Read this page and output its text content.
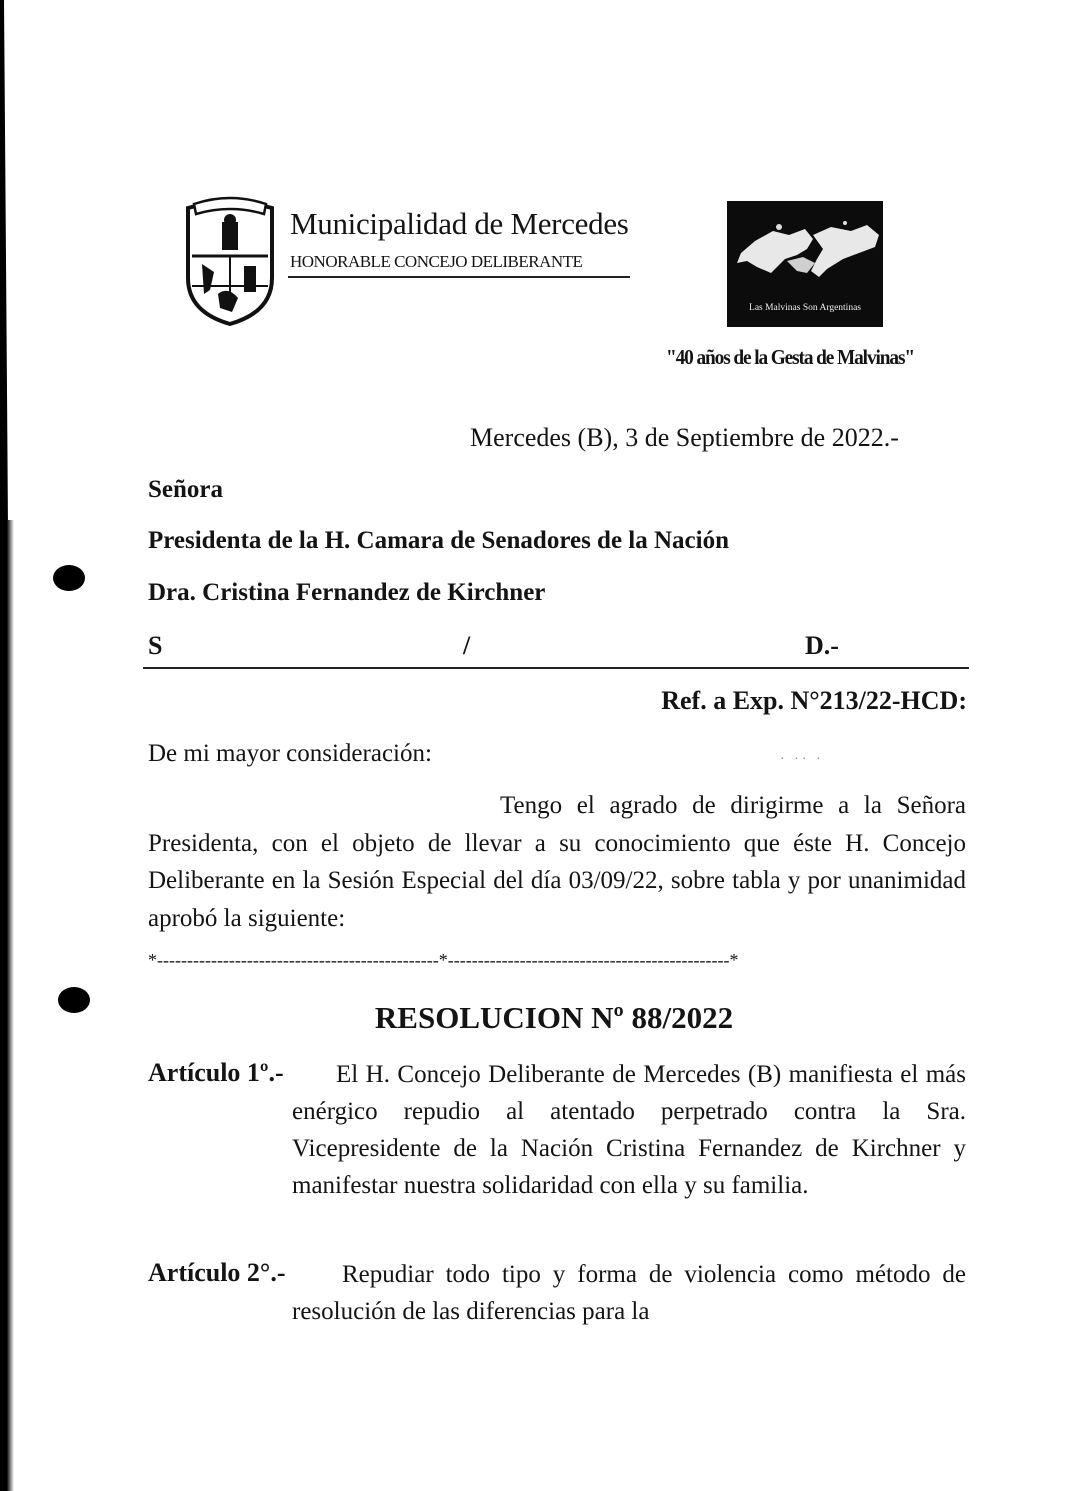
Municipalidad de Mercedes
HONORABLE CONCEJO DELIBERANTE
Las Malvinas Son Argentinas
"40 años de la Gesta de Malvinas"
Mercedes (B), 3 de Septiembre de 2022.-
Señora
Presidenta de la H. Camara de Senadores de la Nación
Dra. Cristina Fernandez de Kirchner
S	/	D.-
Ref. a Exp. N°213/22-HCD:
De mi mayor consideración:	· ·· ·
Tengo el agrado de dirigirme a la Señora Presidenta, con el objeto de llevar a su conocimiento que éste H. Concejo Deliberante en la Sesión Especial del día 03/09/22, sobre tabla y por unanimidad aprobó la siguiente:
*-----------------------------------------------*-----------------------------------------------*
RESOLUCION Nº 88/2022
Artículo 1º.-	El H. Concejo Deliberante de Mercedes (B) manifiesta el más enérgico repudio al atentado perpetrado contra la Sra. Vicepresidente de la Nación Cristina Fernandez de Kirchner y manifestar nuestra solidaridad con ella y su familia.
Artículo 2°.-	Repudiar todo tipo y forma de violencia como método de resolución de las diferencias para la
